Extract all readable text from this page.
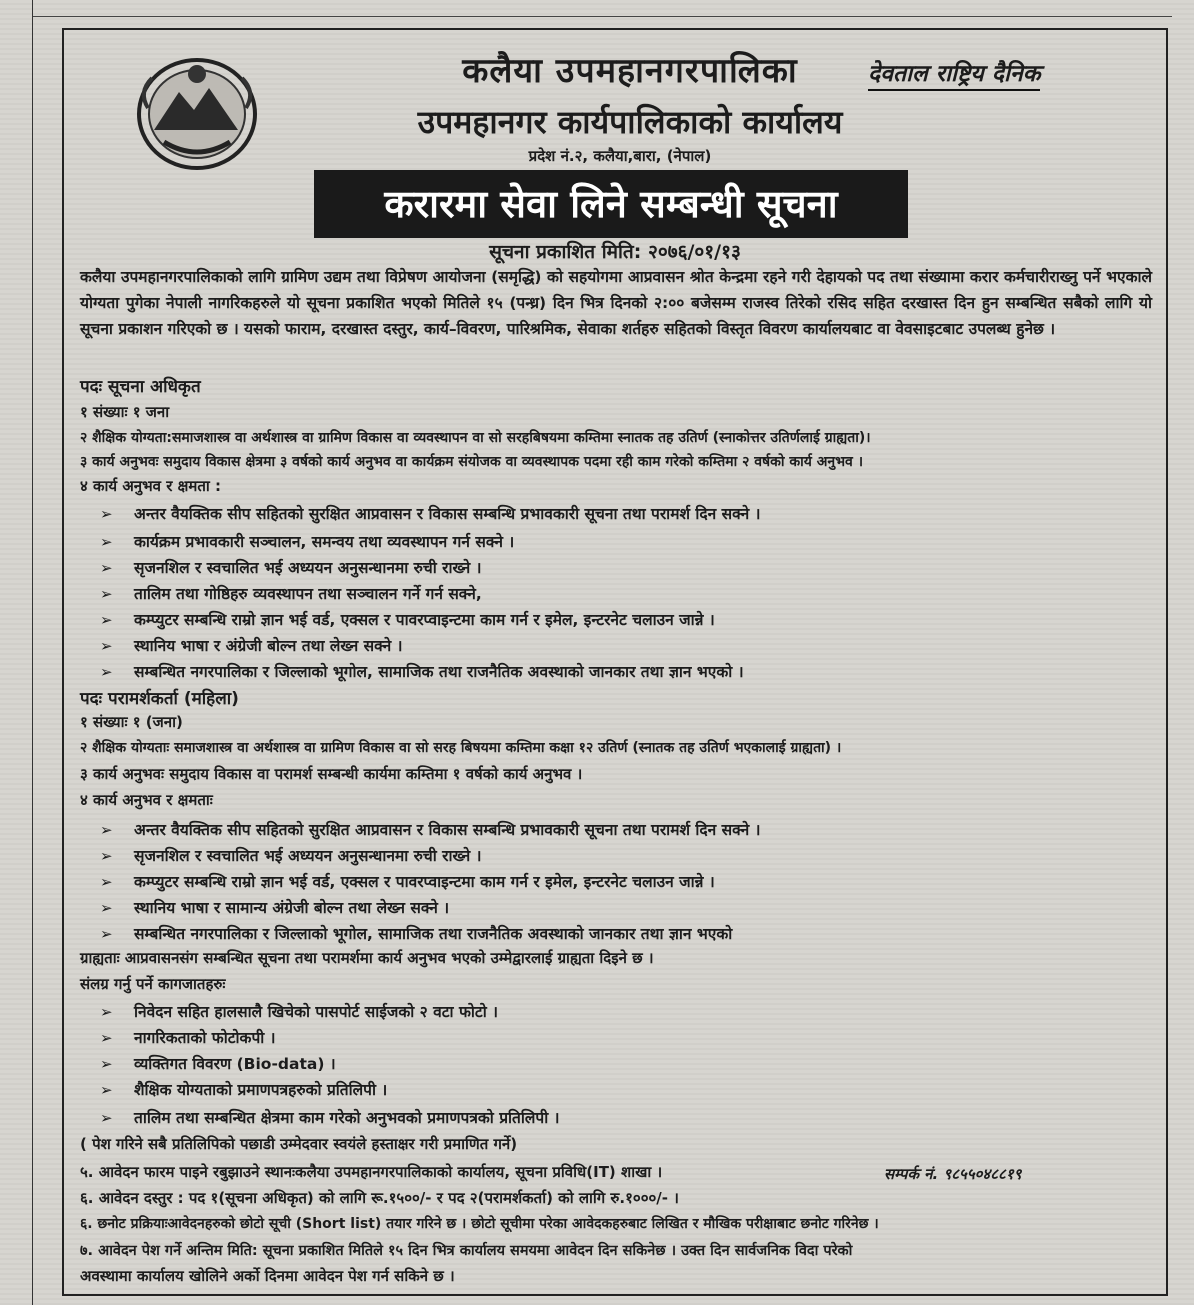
कलैया उपमहानगरपालिका
उपमहानगर कार्यपालिकाको कार्यालय
प्रदेश नं.२, कलैया,बारा, (नेपाल)
करारमा सेवा लिने सम्बन्धी सूचना
देवताल राष्ट्रिय दैनिक
सूचना प्रकाशित मिति: २०७६/०१/१३
कलैया उपमहानगरपालिकाको लागि ग्रामिण उद्यम तथा विप्रेषण आयोजना (समृद्धि) को सहयोगमा आप्रवासन श्रोत केन्द्रमा रहने गरी देहायको पद तथा संख्यामा करार कर्मचारीराख्नु पर्ने भएकाले योग्यता पुगेका नेपाली नागरिकहरुले यो सूचना प्रकाशित भएको मितिले १५ (पन्ध्र) दिन भित्र दिनको २:०० बजेसम्म राजस्व तिरेको रसिद सहित दरखास्त दिन हुन सम्बन्धित सबैको लागि यो सूचना प्रकाशन गरिएको छ । यसको फाराम, दरखास्त दस्तुर, कार्य–विवरण, पारिश्रमिक, सेवाका शर्तहरु सहितको विस्तृत विवरण कार्यालयबाट वा वेवसाइटबाट उपलब्ध हुनेछ ।
पदः सूचना अधिकृत
१ संख्याः १ जना
२ शैक्षिक योग्यता:समाजशास्त्र वा अर्थशास्त्र वा ग्रामिण विकास वा व्यवस्थापन वा सो सरहबिषयमा कम्तिमा स्नातक तह उतिर्ण (स्नाकोत्तर उतिर्णलाई ग्राह्यता)।
३ कार्य अनुभवः समुदाय विकास क्षेत्रमा ३ वर्षको कार्य अनुभव वा कार्यक्रम संयोजक वा व्यवस्थापक पदमा रही काम गरेको कम्तिमा २ वर्षको कार्य अनुभव ।
४ कार्य अनुभव र क्षमता :
➢ अन्तर वैयक्तिक सीप सहितको सुरक्षित आप्रवासन र विकास सम्बन्धि प्रभावकारी सूचना तथा परामर्श दिन सक्ने ।
➢ कार्यक्रम प्रभावकारी सञ्चालन, समन्वय तथा व्यवस्थापन गर्न सक्ने ।
➢ सृजनशिल र स्वचालित भई अध्ययन अनुसन्धानमा रुची राख्ने ।
➢ तालिम तथा गोष्ठिहरु व्यवस्थापन तथा सञ्चालन गर्ने गर्न सक्ने,
➢ कम्प्युटर सम्बन्धि राम्रो ज्ञान भई वर्ड, एक्सल र पावरप्वाइन्टमा काम गर्न र इमेल, इन्टरनेट चलाउन जान्ने ।
➢ स्थानिय भाषा र अंग्रेजी बोल्न तथा लेख्न सक्ने ।
➢ सम्बन्धित नगरपालिका र जिल्लाको भूगोल, सामाजिक तथा राजनैतिक अवस्थाको जानकार तथा ज्ञान भएको ।
पदः परामर्शकर्ता (महिला)
१ संख्याः १ (जना)
२ शैक्षिक योग्यताः समाजशास्त्र वा अर्थशास्त्र वा ग्रामिण विकास वा सो सरह बिषयमा कम्तिमा कक्षा १२ उतिर्ण (स्नातक तह उतिर्ण भएकालाई ग्राह्यता) ।
३ कार्य अनुभवः समुदाय विकास वा परामर्श सम्बन्धी कार्यमा कम्तिमा १ वर्षको कार्य अनुभव ।
४ कार्य अनुभव र क्षमताः
➢ अन्तर वैयक्तिक सीप सहितको सुरक्षित आप्रवासन र विकास सम्बन्धि प्रभावकारी सूचना तथा परामर्श दिन सक्ने ।
➢ सृजनशिल र स्वचालित भई अध्ययन अनुसन्धानमा रुची राख्ने ।
➢ कम्प्युटर सम्बन्धि राम्रो ज्ञान भई वर्ड, एक्सल र पावरप्वाइन्टमा काम गर्न र इमेल, इन्टरनेट चलाउन जान्ने ।
➢ स्थानिय भाषा र सामान्य अंग्रेजी बोल्न तथा लेख्न सक्ने ।
➢ सम्बन्धित नगरपालिका र जिल्लाको भूगोल, सामाजिक तथा राजनैतिक अवस्थाको जानकार तथा ज्ञान भएको
ग्राह्यताः आप्रवासनसंग सम्बन्धित सूचना तथा परामर्शमा कार्य अनुभव भएको उम्मेद्वारलाई ग्राह्यता दिइने छ ।
संलग्र गर्नु पर्ने कागजातहरुः
➢ निवेदन सहित हालसालै खिचेको पासपोर्ट साईजको २ वटा फोटो ।
➢ नागरिकताको फोटोकपी ।
➢ व्यक्तिगत विवरण (Bio-data) ।
➢ शैक्षिक योग्यताको प्रमाणपत्रहरुको प्रतिलिपी ।
➢ तालिम तथा सम्बन्धित क्षेत्रमा काम गरेको अनुभवको प्रमाणपत्रको प्रतिलिपी ।
( पेश गरिने सबै प्रतिलिपिको पछाडी उम्मेदवार स्वयंले हस्ताक्षर गरी प्रमाणित गर्ने)
५. आवेदन फारम पाइने रबुझाउने स्थानःकलैया उपमहानगरपालिकाको कार्यालय, सूचना प्रविधि(IT) शाखा ।	सम्पर्क नं. ९८५५०४८८१९
६. आवेदन दस्तुर : पद १(सूचना अधिकृत) को लागि रू.१५००/- र पद २(परामर्शकर्ता) को लागि रु.१०००/- ।
६. छनोट प्रक्रियाःआवेदनहरुको छोटो सूची (Short list) तयार गरिने छ । छोटो सूचीमा परेका आवेदकहरुबाट लिखित र मौखिक परीक्षाबाट छनोट गरिनेछ ।
७. आवेदन पेश गर्ने अन्तिम मिति: सूचना प्रकाशित मितिले १५ दिन भित्र कार्यालय समयमा आवेदन दिन सकिनेछ । उक्त दिन सार्वजनिक विदा परेको
अवस्थामा कार्यालय खोलिने अर्को दिनमा आवेदन पेश गर्न सकिने छ ।
